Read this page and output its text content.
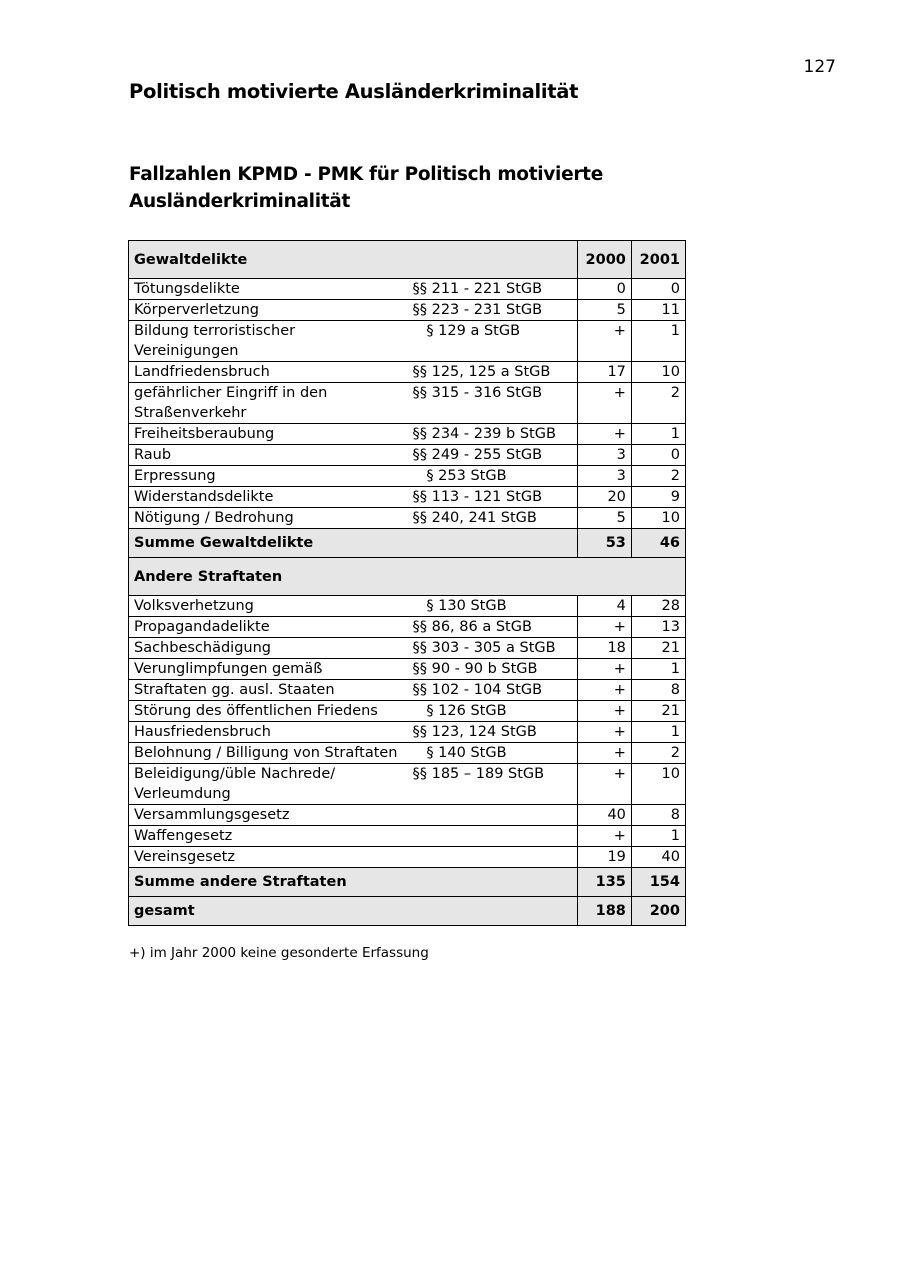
127
Politisch motivierte Ausländerkriminalität
Fallzahlen KPMD - PMK für Politisch motivierte Ausländerkriminalität
Gewaltdelikte		2000	2001
Tötungsdelikte	§§ 211 - 221 StGB	0	0
Körperverletzung	§§ 223 - 231 StGB	5	11
Bildung terroristischer Vereinigungen	§ 129 a StGB	+	1
Landfriedensbruch	§§ 125, 125 a StGB	17	10
gefährlicher Eingriff in den Straßenverkehr	§§ 315 - 316 StGB	+	2
Freiheitsberaubung	§§ 234 - 239 b StGB	+	1
Raub	§§ 249 - 255 StGB	3	0
Erpressung	§ 253 StGB	3	2
Widerstandsdelikte	§§ 113 - 121 StGB	20	9
Nötigung / Bedrohung	§§ 240, 241 StGB	5	10
Summe Gewaltdelikte		53	46
Andere Straftaten			
Volksverhetzung	§ 130 StGB	4	28
Propagandadelikte	§§ 86, 86 a StGB	+	13
Sachbeschädigung	§§ 303 - 305 a StGB	18	21
Verunglimpfungen gemäß	§§ 90 - 90 b StGB	+	1
Straftaten gg. ausl. Staaten	§§ 102 - 104 StGB	+	8
Störung des öffentlichen Friedens	§ 126 StGB	+	21
Hausfriedensbruch	§§ 123, 124 StGB	+	1
Belohnung / Billigung von Straftaten	§ 140 StGB	+	2
Beleidigung/üble Nachrede/ Verleumdung	§§ 185 – 189 StGB	+	10
Versammlungsgesetz		40	8
Waffengesetz		+	1
Vereinsgesetz		19	40
Summe andere Straftaten		135	154
gesamt		188	200
+) im Jahr 2000 keine gesonderte Erfassung
